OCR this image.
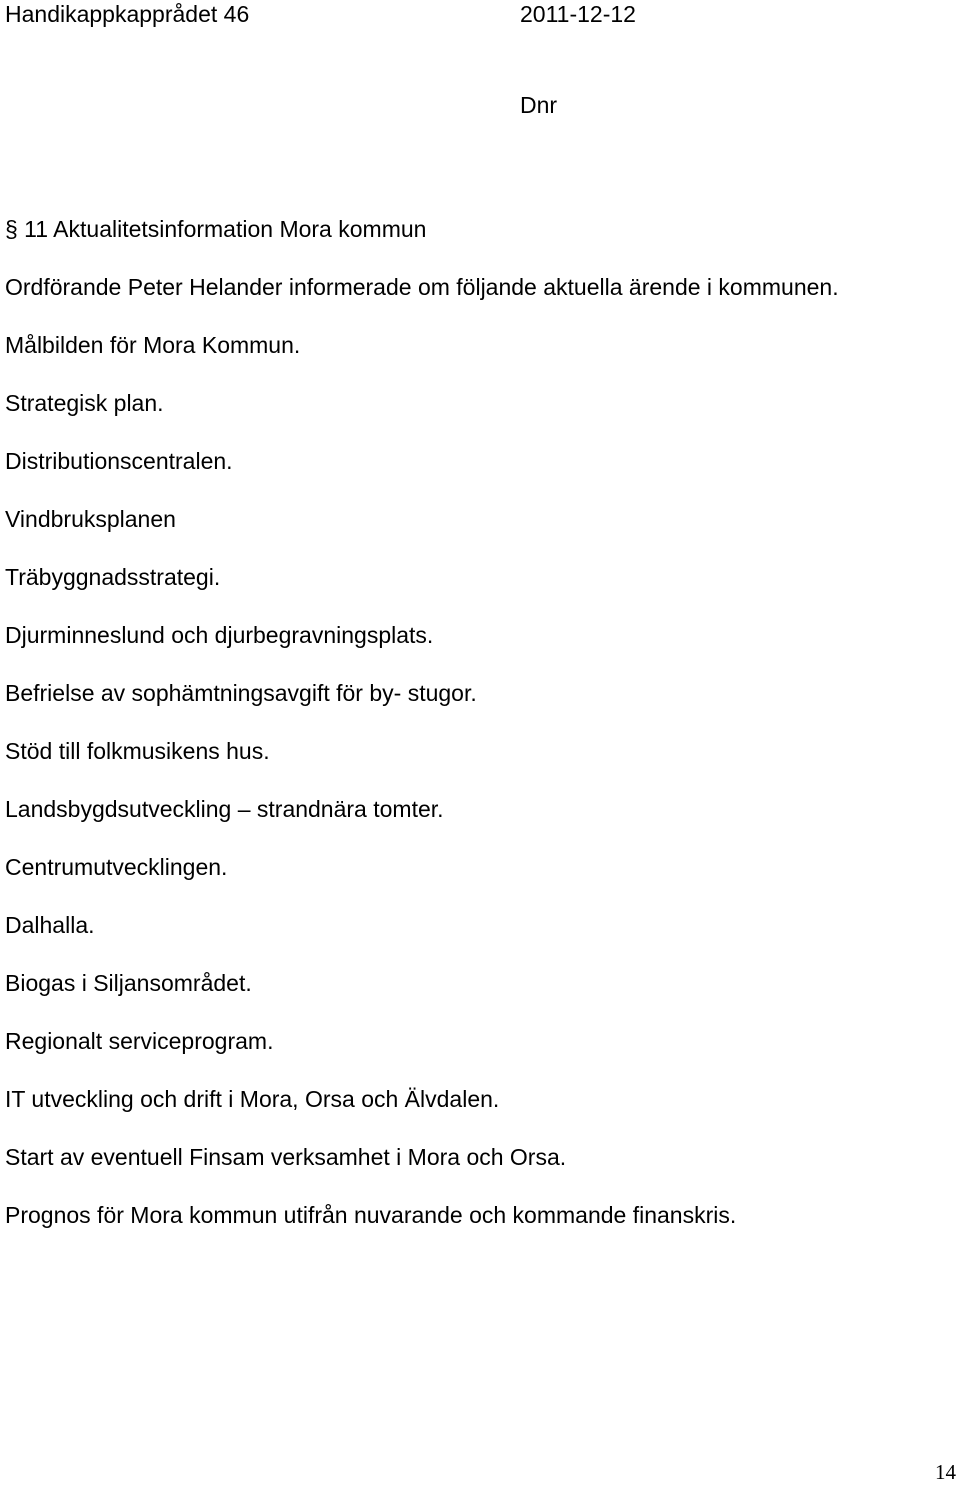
Handikappkapprådet 46	2011-12-12
Dnr
§ 11 Aktualitetsinformation Mora kommun
Ordförande Peter Helander informerade om följande aktuella ärende i kommunen.
Målbilden för Mora Kommun.
Strategisk plan.
Distributionscentralen.
Vindbruksplanen
Träbyggnadsstrategi.
Djurminneslund och djurbegravningsplats.
Befrielse av sophämtningsavgift för by- stugor.
Stöd till folkmusikens hus.
Landsbygdsutveckling – strandnära tomter.
Centrumutvecklingen.
Dalhalla.
Biogas i Siljansområdet.
Regionalt serviceprogram.
IT utveckling och drift i Mora, Orsa och Älvdalen.
Start av eventuell Finsam verksamhet i Mora och Orsa.
Prognos för Mora kommun utifrån nuvarande och kommande finanskris.
14
